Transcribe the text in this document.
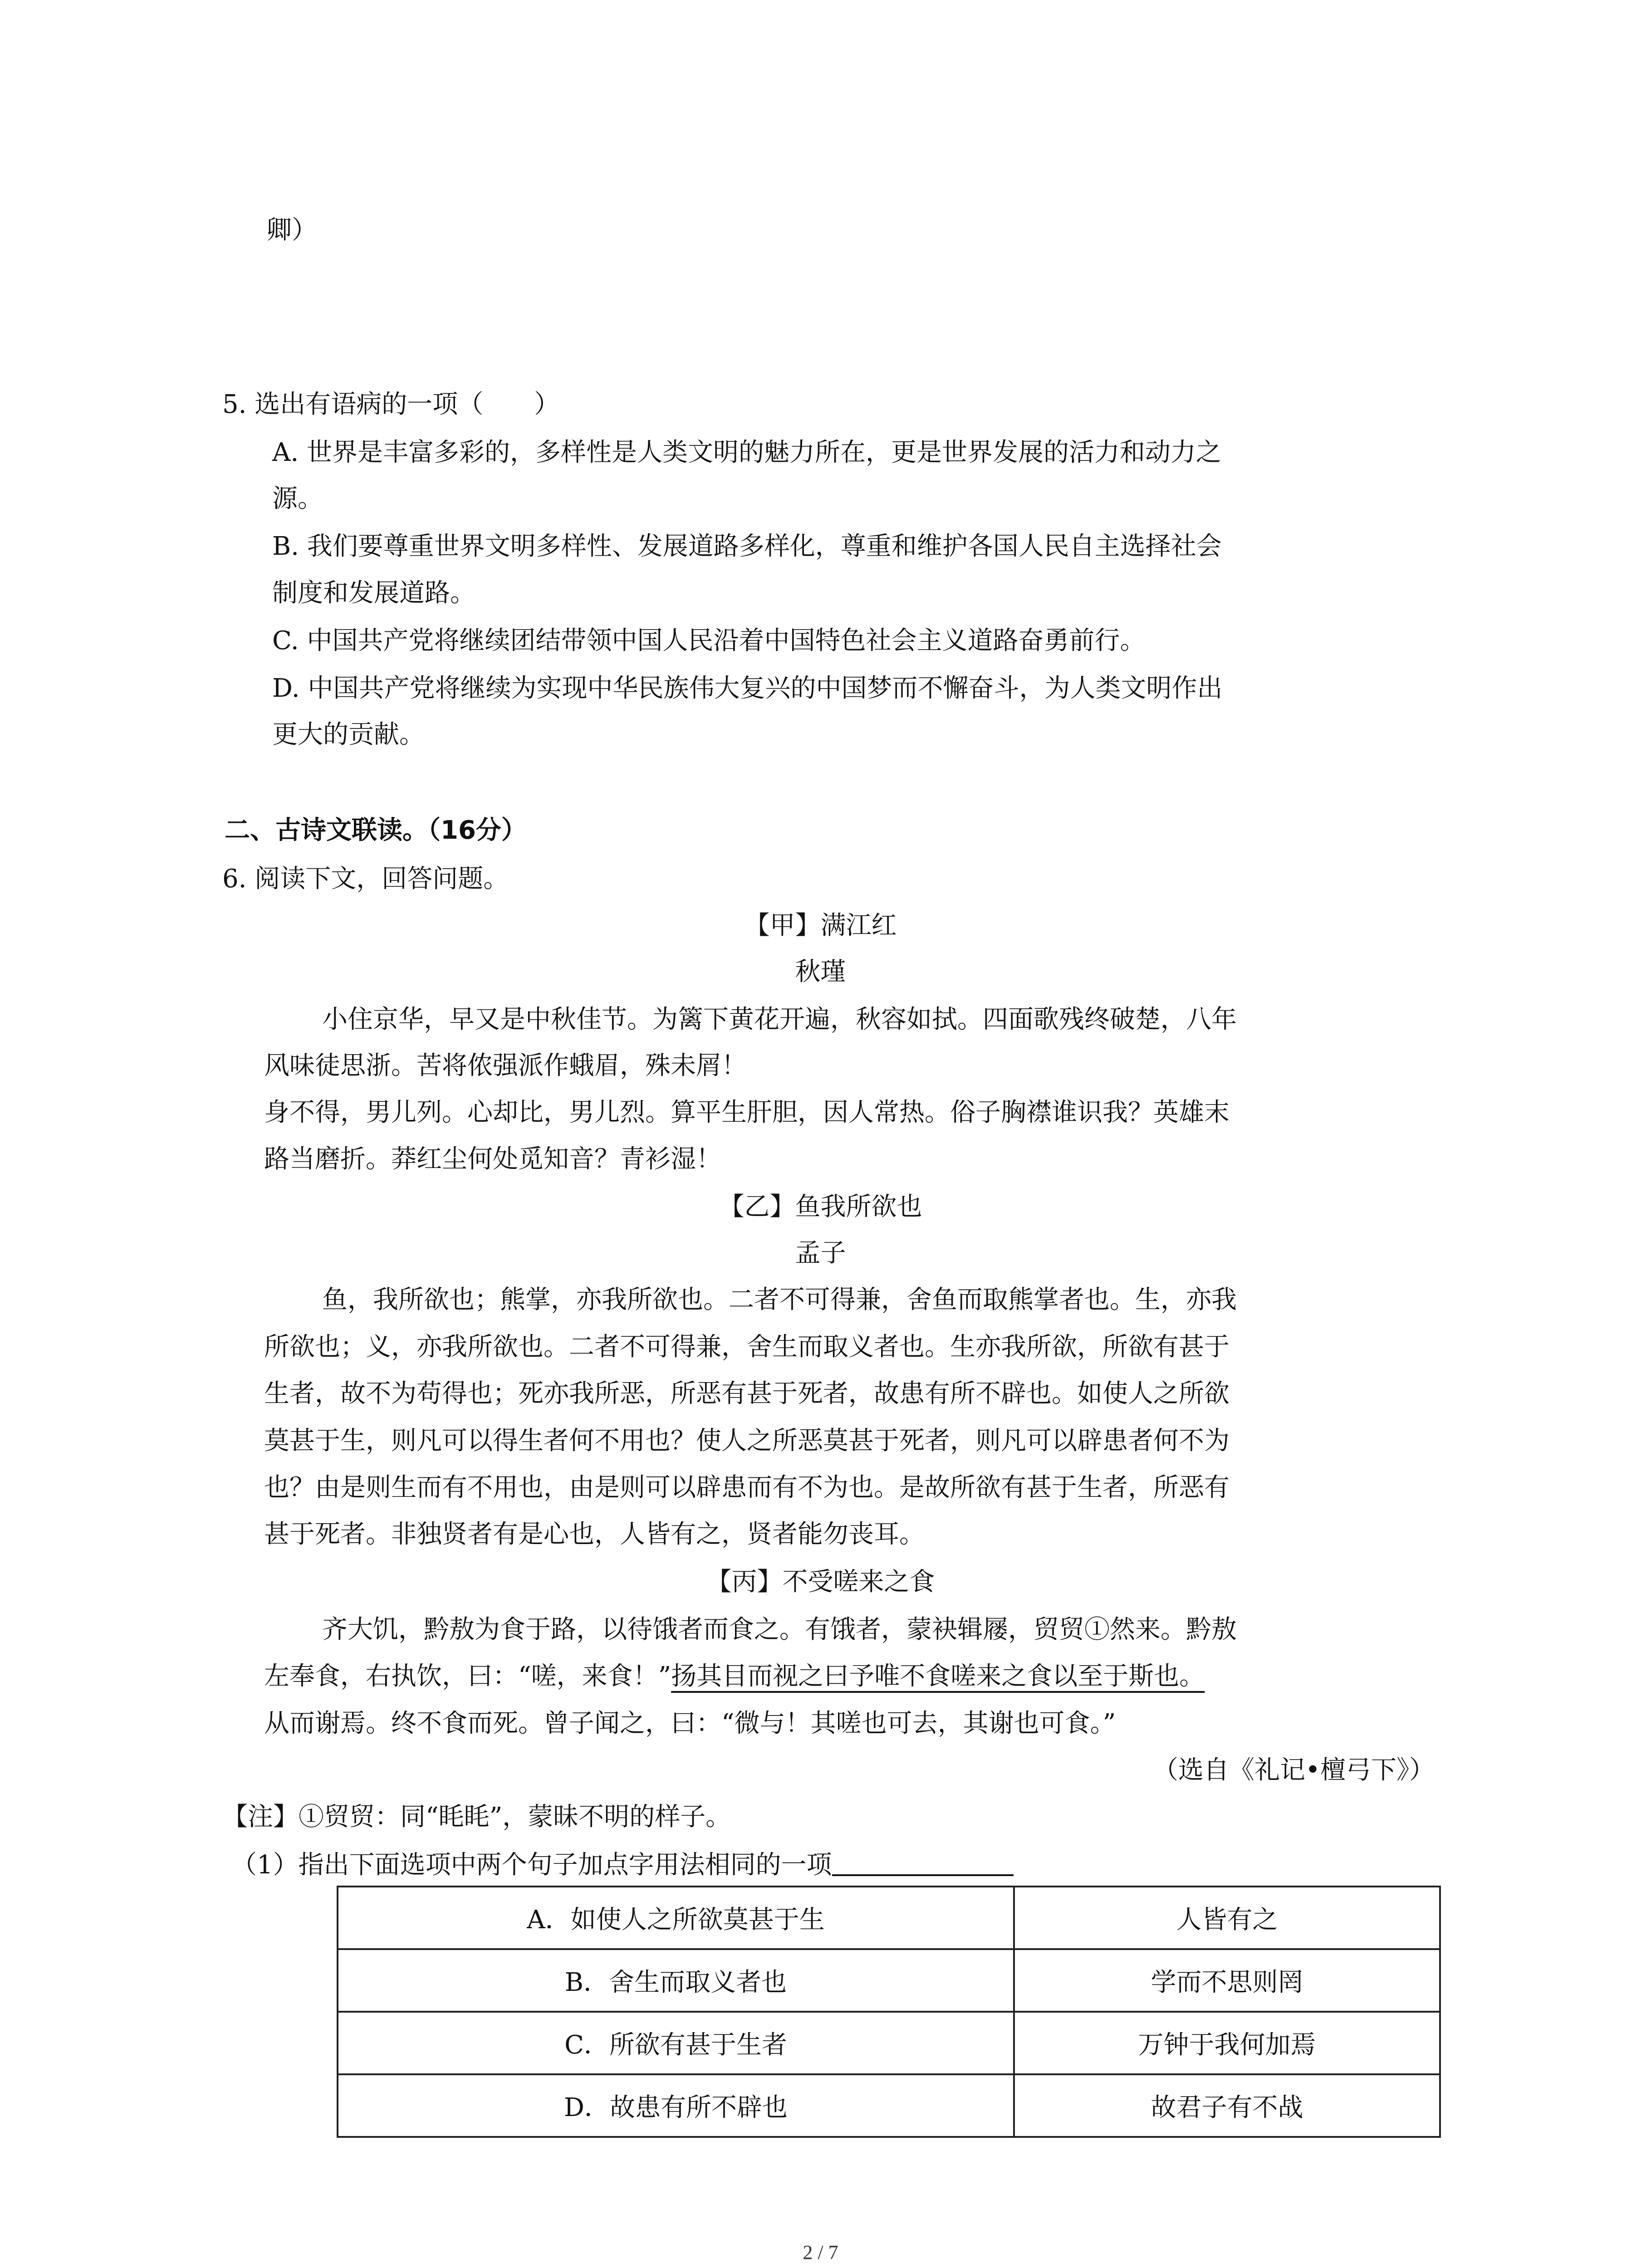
卿）
5. 选出有语病的一项（　　）
A. 世界是丰富多彩的，多样性是人类文明的魅力所在，更是世界发展的活力和动力之
源。
B. 我们要尊重世界文明多样性、发展道路多样化，尊重和维护各国人民自主选择社会
制度和发展道路。
C. 中国共产党将继续团结带领中国人民沿着中国特色社会主义道路奋勇前行。
D. 中国共产党将继续为实现中华民族伟大复兴的中国梦而不懈奋斗，为人类文明作出
更大的贡献。
二、古诗文联读。（16分）
6. 阅读下文，回答问题。
【甲】满江红
秋瑾
小住京华，早又是中秋佳节。为篱下黄花开遍，秋容如拭。四面歌残终破楚，八年
风味徒思浙。苦将侬强派作蛾眉，殊未屑！
身不得，男儿列。心却比，男儿烈。算平生肝胆，因人常热。俗子胸襟谁识我？英雄末
路当磨折。莽红尘何处觅知音？青衫湿！
【乙】鱼我所欲也
孟子
鱼，我所欲也；熊掌，亦我所欲也。二者不可得兼，舍鱼而取熊掌者也。生，亦我
所欲也；义，亦我所欲也。二者不可得兼，舍生而取义者也。生亦我所欲，所欲有甚于
生者，故不为苟得也；死亦我所恶，所恶有甚于死者，故患有所不辟也。如使人之所欲
莫甚于生，则凡可以得生者何不用也？使人之所恶莫甚于死者，则凡可以辟患者何不为
也？由是则生而有不用也，由是则可以辟患而有不为也。是故所欲有甚于生者，所恶有
甚于死者。非独贤者有是心也，人皆有之，贤者能勿丧耳。
【丙】不受嗟来之食
齐大饥，黔敖为食于路，以待饿者而食之。有饿者，蒙袂辑屦，贸贸①然来。黔敖
左奉食，右执饮，曰：“嗟，来食！”扬其目而视之曰予唯不食嗟来之食以至于斯也。
从而谢焉。终不食而死。曾子闻之，曰：“微与！其嗟也可去，其谢也可食。”
（选自《礼记•檀弓下》）
【注】①贸贸：同“眊眊”，蒙昧不明的样子。
（1）指出下面选项中两个句子加点字用法相同的一项
A．如使人之所欲莫甚于生	人皆有之
B．舍生而取义者也	学而不思则罔
C．所欲有甚于生者	万钟于我何加焉
D．故患有所不辟也	故君子有不战
2 / 7
